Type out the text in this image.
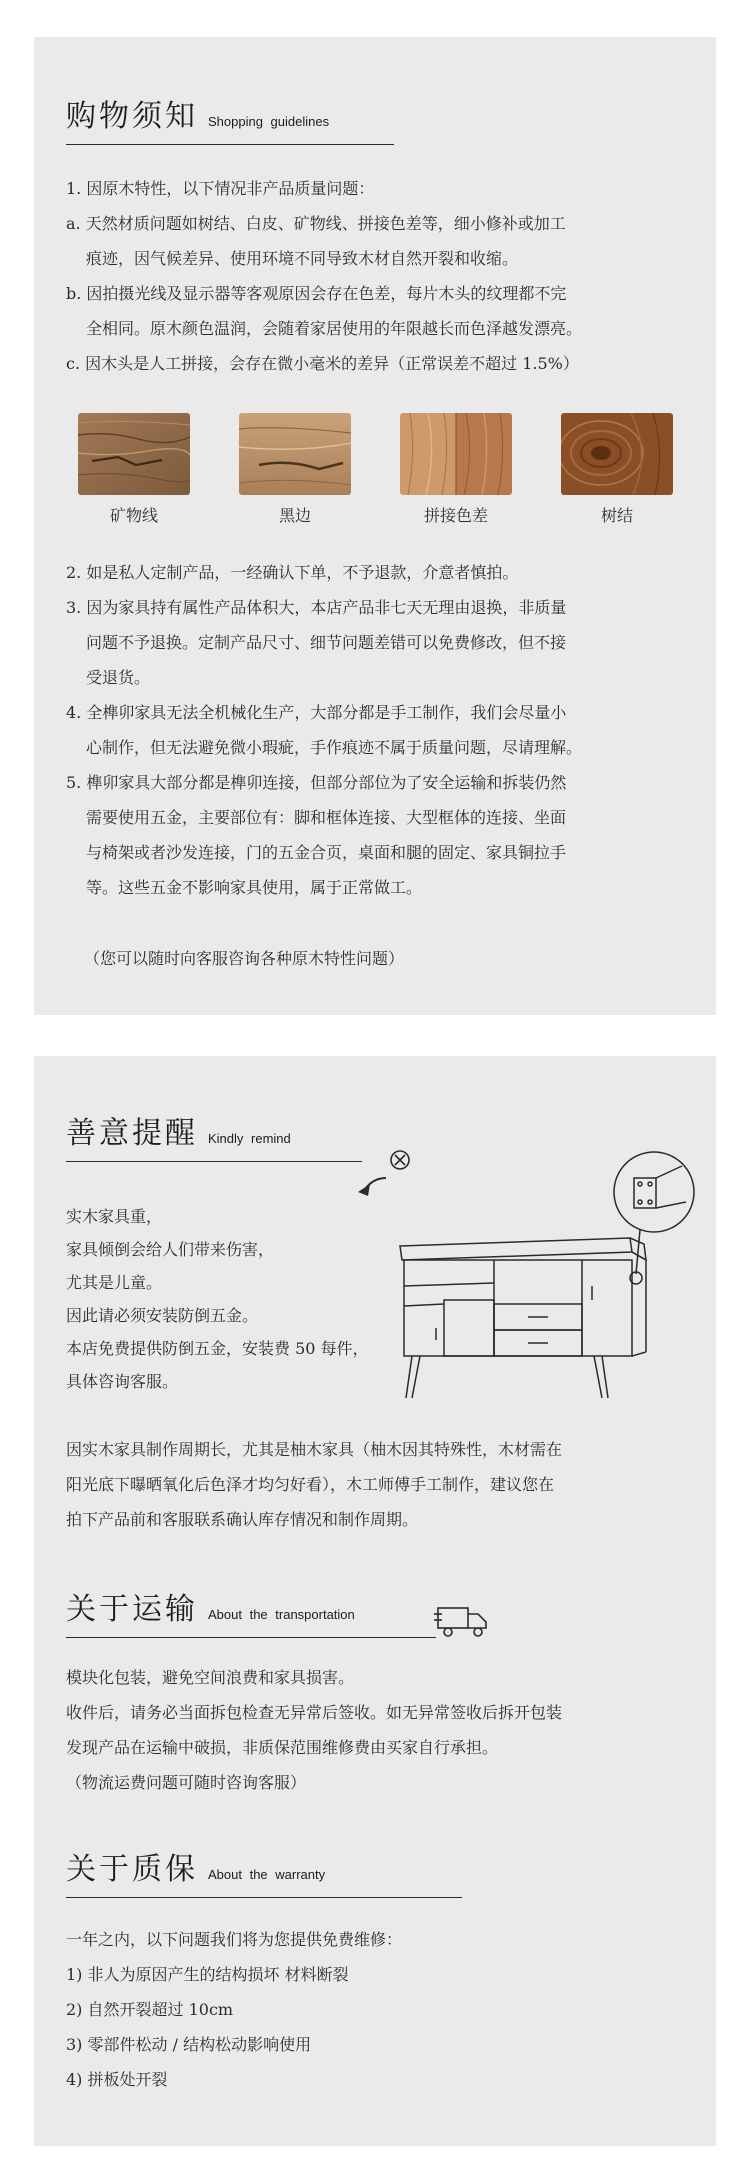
购物须知 Shopping guidelines

1. 因原木特性，以下情况非产品质量问题：

a. 天然材质问题如树结、白皮、矿物线、拼接色差等，细小修补或加工

痕迹，因气候差异、使用环境不同导致木材自然开裂和收缩。

b. 因拍摄光线及显示器等客观原因会存在色差，每片木头的纹理都不完

全相同。原木颜色温润，会随着家居使用的年限越长而色泽越发漂亮。

c. 因木头是人工拼接，会存在微小毫米的差异（正常误差不超过 1.5%）

矿物线	黑边	拼接色差	树结

2. 如是私人定制产品，一经确认下单，不予退款，介意者慎拍。

3. 因为家具持有属性产品体积大，本店产品非七天无理由退换，非质量

问题不予退换。定制产品尺寸、细节问题差错可以免费修改，但不接

受退货。

4. 全榫卯家具无法全机械化生产，大部分都是手工制作，我们会尽量小

心制作，但无法避免微小瑕疵，手作痕迹不属于质量问题，尽请理解。

5. 榫卯家具大部分都是榫卯连接，但部分部位为了安全运输和拆装仍然

需要使用五金，主要部位有：脚和框体连接、大型框体的连接、坐面

与椅架或者沙发连接，门的五金合页，桌面和腿的固定、家具铜拉手

等。这些五金不影响家具使用，属于正常做工。

（您可以随时向客服咨询各种原木特性问题）

善意提醒 Kindly remind

实木家具重，

家具倾倒会给人们带来伤害，

尤其是儿童。

因此请必须安装防倒五金。

本店免费提供防倒五金，安装费 50 每件，

具体咨询客服。

因实木家具制作周期长，尤其是柚木家具（柚木因其特殊性，木材需在

阳光底下曝晒氧化后色泽才均匀好看），木工师傅手工制作，建议您在

拍下产品前和客服联系确认库存情况和制作周期。

关于运输 About the transportation

模块化包装，避免空间浪费和家具损害。

收件后，请务必当面拆包检查无异常后签收。如无异常签收后拆开包装

发现产品在运输中破损，非质保范围维修费由买家自行承担。

（物流运费问题可随时咨询客服）

关于质保 About the warranty

一年之内，以下问题我们将为您提供免费维修：

1) 非人为原因产生的结构损坏 材料断裂

2) 自然开裂超过 10cm

3) 零部件松动 / 结构松动影响使用

4) 拼板处开裂
